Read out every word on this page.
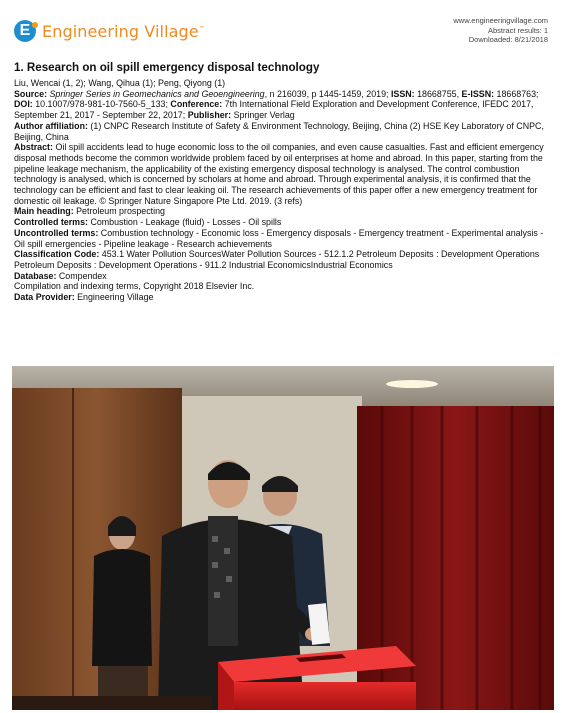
E Engineering Village™
www.engineeringvillage.com
Abstract results: 1
Downloaded: 8/21/2018
1. Research on oil spill emergency disposal technology

Liu, Wencai (1, 2); Wang, Qihua (1); Peng, Qiyong (1)

Source: Springer Series in Geomechanics and Geoengineering, n 216039, p 1445-1459, 2019; ISSN: 18668755, E-ISSN: 18668763; DOI: 10.1007/978-981-10-7560-5_133; Conference: 7th International Field Exploration and Development Conference, IFEDC 2017, September 21, 2017 - September 22, 2017; Publisher: Springer Verlag

Author affiliation: (1) CNPC Research Institute of Safety & Environment Technology, Beijing, China (2) HSE Key Laboratory of CNPC, Beijing, China

Abstract: Oil spill accidents lead to huge economic loss to the oil companies, and even cause casualties. Fast and efficient emergency disposal methods become the common worldwide problem faced by oil enterprises at home and abroad. In this paper, starting from the pipeline leakage mechanism, the applicability of the existing emergency disposal technology is analysed. The control combustion technology is analysed, which is concerned by scholars at home and abroad. Through experimental analysis, it is confirmed that the technology can be efficient and fast to clear leaking oil. The research achievements of this paper offer a new emergency treatment for domestic oil leakage. © Springer Nature Singapore Pte Ltd. 2019. (3 refs)

Main heading: Petroleum prospecting

Controlled terms: Combustion - Leakage (fluid) - Losses - Oil spills

Uncontrolled terms: Combustion technology - Economic loss - Emergency disposals - Emergency treatment - Experimental analysis - Oil spill emergencies - Pipeline leakage - Research achievements

Classification Code: 453.1 Water Pollution SourcesWater Pollution Sources - 512.1.2 Petroleum Deposits : Development Operations Petroleum Deposits : Development Operations - 911.2 Industrial EconomicsIndustrial Economics

Database: Compendex

Compilation and indexing terms, Copyright 2018 Elsevier Inc.

Data Provider: Engineering Village
